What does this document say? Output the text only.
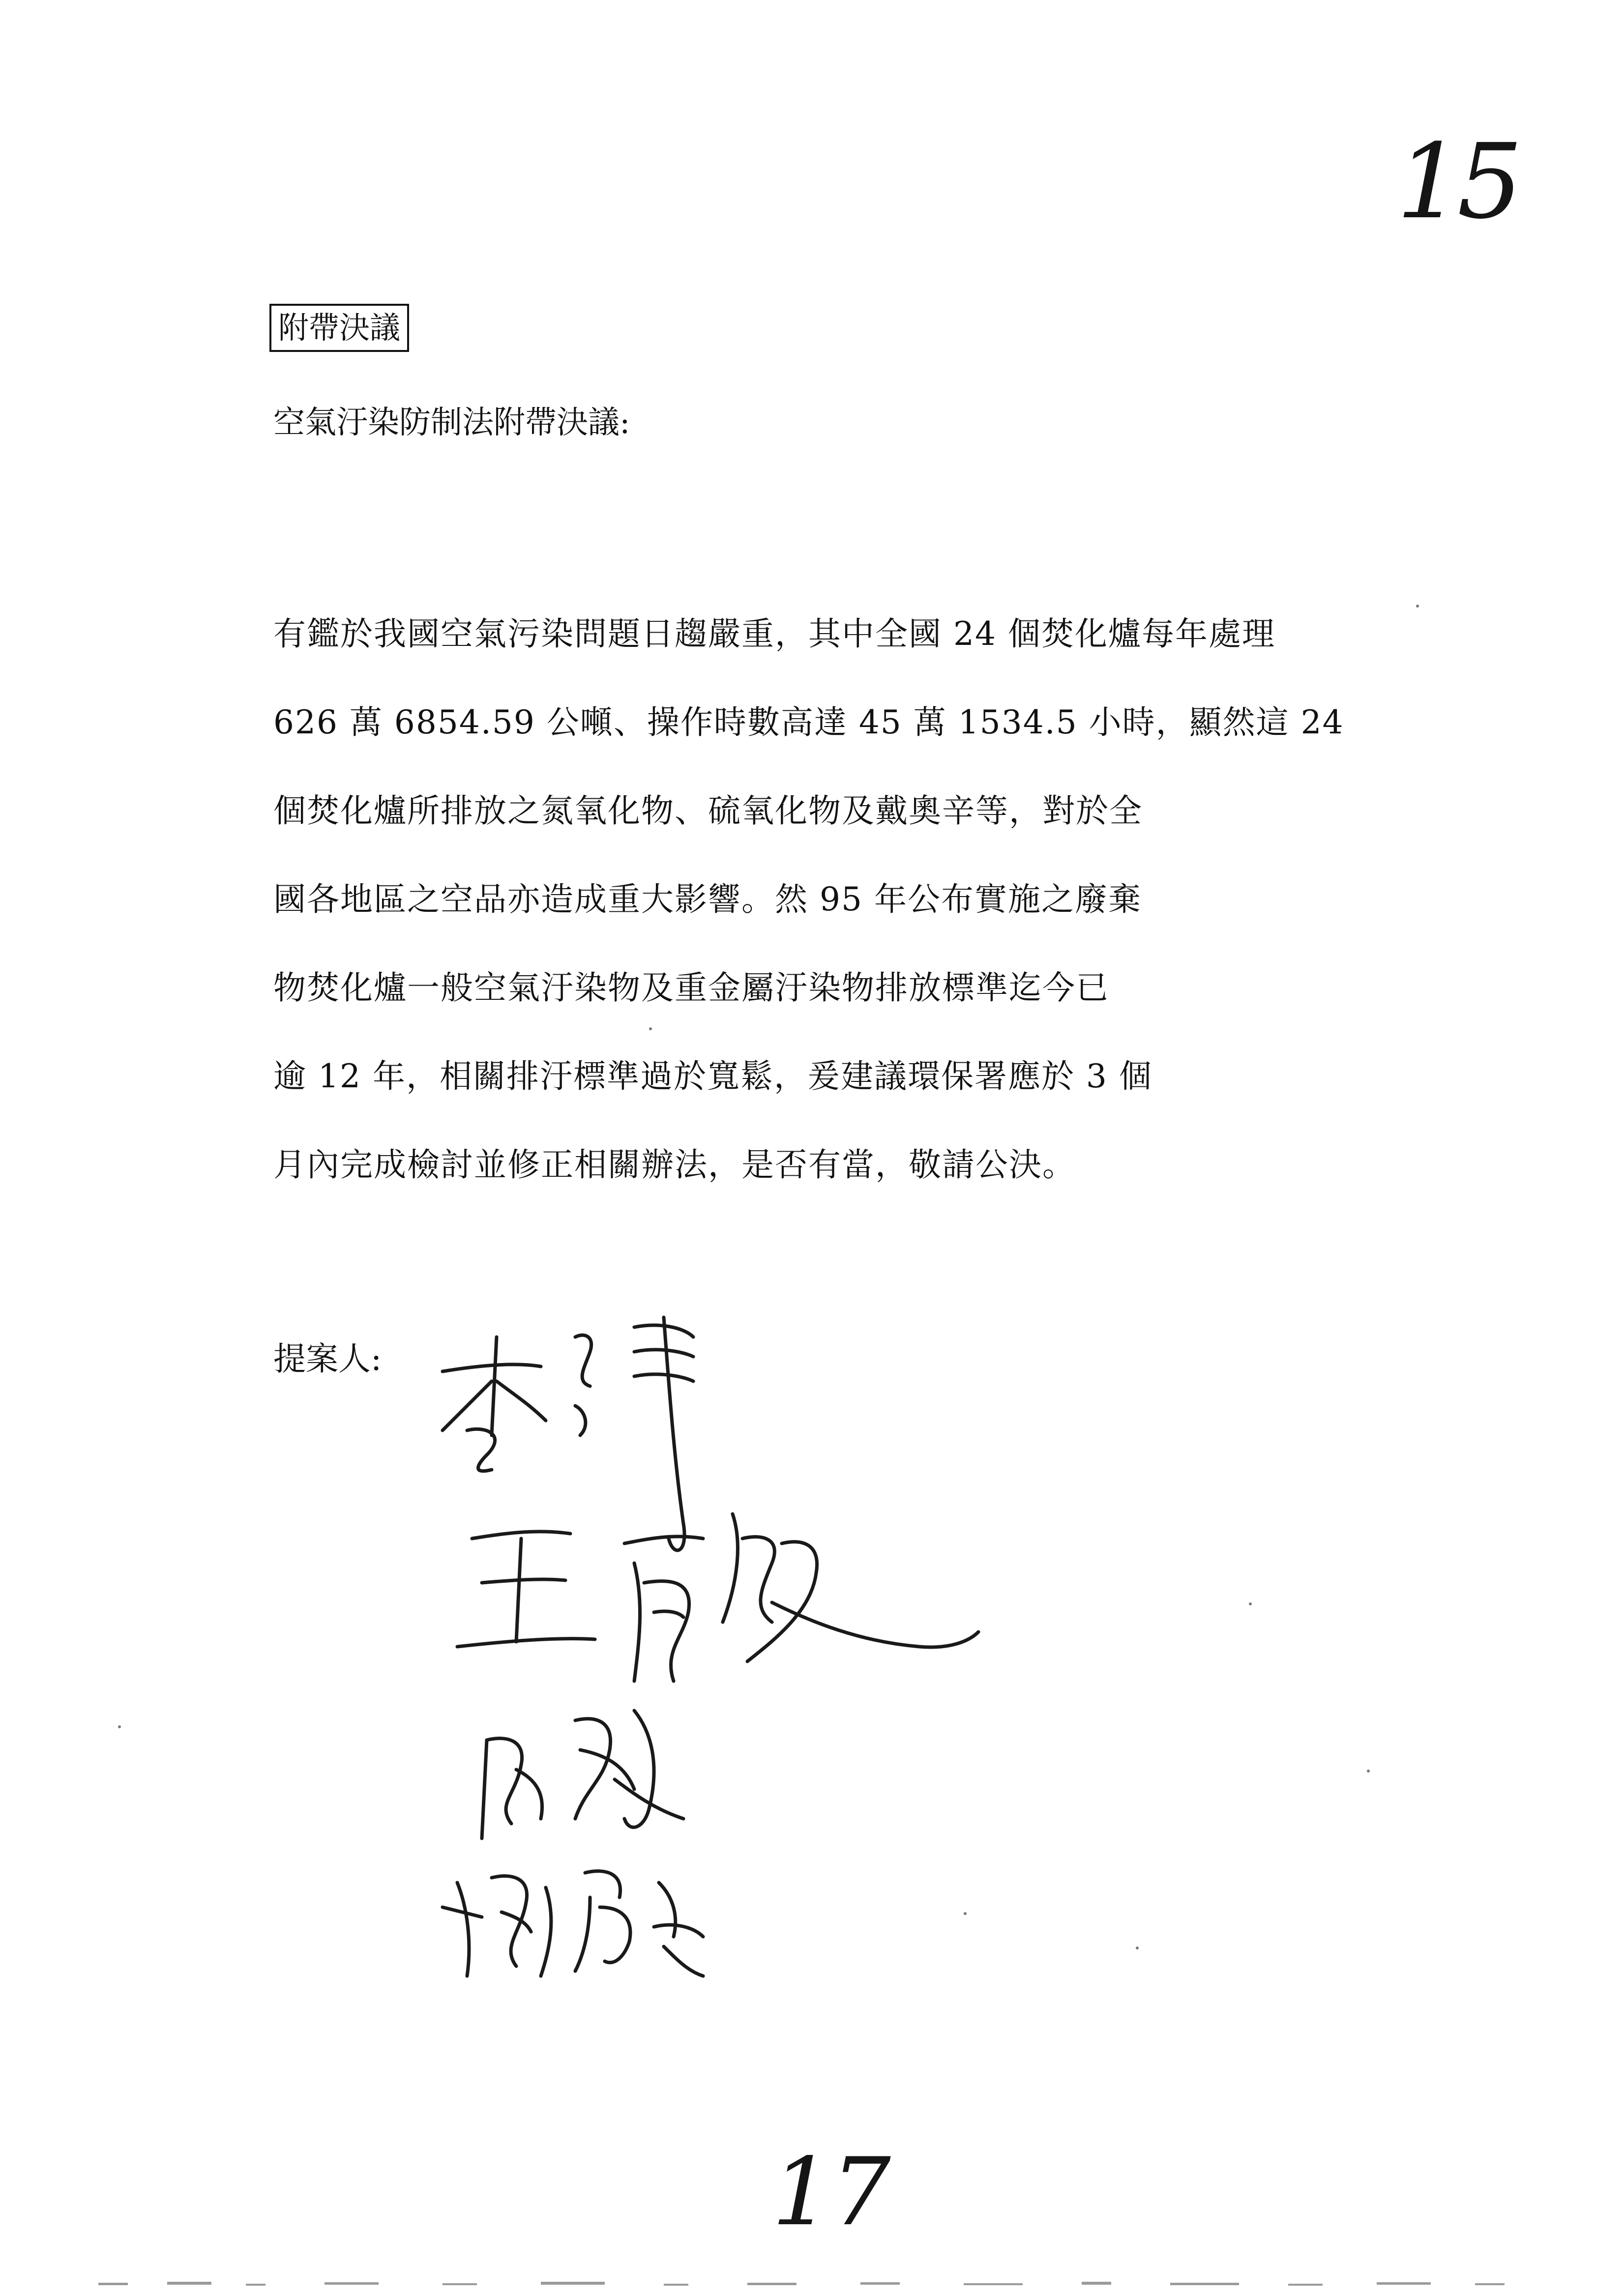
15
附帶決議
空氣汙染防制法附帶決議:
有鑑於我國空氣污染問題日趨嚴重，其中全國 24 個焚化爐每年處理
626 萬 6854.59 公噸、操作時數高達 45 萬 1534.5 小時，顯然這 24
個焚化爐所排放之氮氧化物、硫氧化物及戴奧辛等，對於全
國各地區之空品亦造成重大影響。然 95 年公布實施之廢棄
物焚化爐一般空氣汙染物及重金屬汙染物排放標準迄今已
逾 12 年，相關排汙標準過於寬鬆，爰建議環保署應於 3 個
月內完成檢討並修正相關辦法，是否有當，敬請公決。
提案人:
17
